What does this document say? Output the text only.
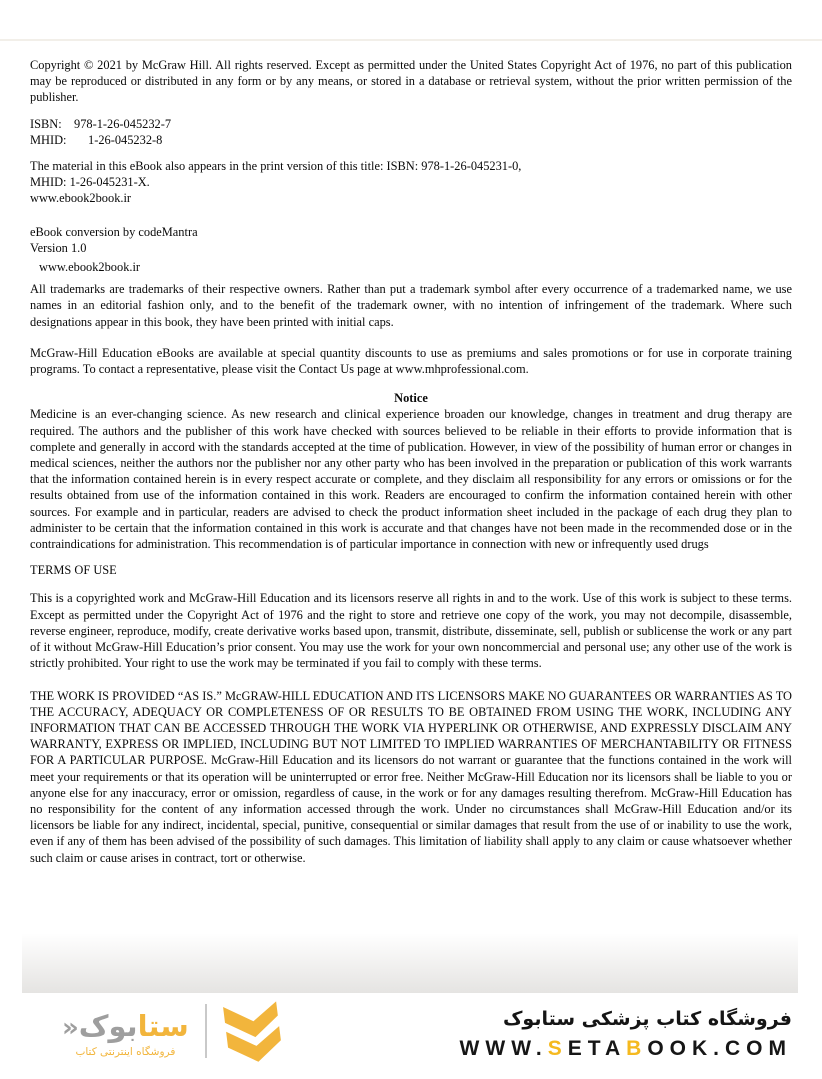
Copyright © 2021 by McGraw Hill. All rights reserved. Except as permitted under the United States Copyright Act of 1976, no part of this publication may be reproduced or distributed in any form or by any means, or stored in a database or retrieval system, without the prior written permission of the publisher.

ISBN: 978-1-26-045232-7
MHID: 1-26-045232-8

The material in this eBook also appears in the print version of this title: ISBN: 978-1-26-045231-0,
MHID: 1-26-045231-X.
www.ebook2book.ir

eBook conversion by codeMantra
Version 1.0

www.ebook2book.ir

All trademarks are trademarks of their respective owners. Rather than put a trademark symbol after every occurrence of a trademarked name, we use names in an editorial fashion only, and to the benefit of the trademark owner, with no intention of infringement of the trademark. Where such designations appear in this book, they have been printed with initial caps.

McGraw-Hill Education eBooks are available at special quantity discounts to use as premiums and sales promotions or for use in corporate training programs. To contact a representative, please visit the Contact Us page at www.mhprofessional.com.

Notice

Medicine is an ever-changing science. As new research and clinical experience broaden our knowledge, changes in treatment and drug therapy are required. The authors and the publisher of this work have checked with sources believed to be reliable in their efforts to provide information that is complete and generally in accord with the standards accepted at the time of publication. However, in view of the possibility of human error or changes in medical sciences, neither the authors nor the publisher nor any other party who has been involved in the preparation or publication of this work warrants that the information contained herein is in every respect accurate or complete, and they disclaim all responsibility for any errors or omissions or for the results obtained from use of the information contained in this work. Readers are encouraged to confirm the information contained herein with other sources. For example and in particular, readers are advised to check the product information sheet included in the package of each drug they plan to administer to be certain that the information contained in this work is accurate and that changes have not been made in the recommended dose or in the contraindications for administration. This recommendation is of particular importance in connection with new or infrequently used drugs

TERMS OF USE

This is a copyrighted work and McGraw-Hill Education and its licensors reserve all rights in and to the work. Use of this work is subject to these terms. Except as permitted under the Copyright Act of 1976 and the right to store and retrieve one copy of the work, you may not decompile, disassemble, reverse engineer, reproduce, modify, create derivative works based upon, transmit, distribute, disseminate, sell, publish or sublicense the work or any part of it without McGraw-Hill Education’s prior consent. You may use the work for your own noncommercial and personal use; any other use of the work is strictly prohibited. Your right to use the work may be terminated if you fail to comply with these terms.

THE WORK IS PROVIDED “AS IS.” McGRAW-HILL EDUCATION AND ITS LICENSORS MAKE NO GUARANTEES OR WARRANTIES AS TO THE ACCURACY, ADEQUACY OR COMPLETENESS OF OR RESULTS TO BE OBTAINED FROM USING THE WORK, INCLUDING ANY INFORMATION THAT CAN BE ACCESSED THROUGH THE WORK VIA HYPERLINK OR OTHERWISE, AND EXPRESSLY DISCLAIM ANY WARRANTY, EXPRESS OR IMPLIED, INCLUDING BUT NOT LIMITED TO IMPLIED WARRANTIES OF MERCHANTABILITY OR FITNESS FOR A PARTICULAR PURPOSE. McGraw-Hill Education and its licensors do not warrant or guarantee that the functions contained in the work will meet your requirements or that its operation will be uninterrupted or error free. Neither McGraw-Hill Education nor its licensors shall be liable to you or anyone else for any inaccuracy, error or omission, regardless of cause, in the work or for any damages resulting therefrom. McGraw-Hill Education has no responsibility for the content of any information accessed through the work. Under no circumstances shall McGraw-Hill Education and/or its licensors be liable for any indirect, incidental, special, punitive, consequential or similar damages that result from the use of or inability to use the work, even if any of them has been advised of the possibility of such damages. This limitation of liability shall apply to any claim or cause whatsoever whether such claim or cause arises in contract, tort or otherwise.

ستابوک«
فروشگاه اینترنتی کتاب
فروشگاه کتاب پزشکی ستابوک
WWW.SETABOOK.COM
